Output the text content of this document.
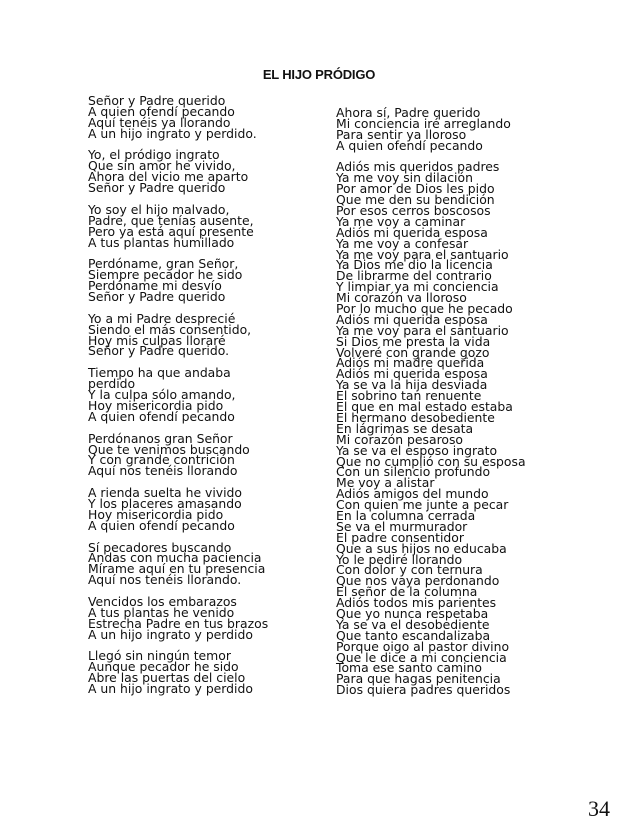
EL HIJO PRÓDIGO
Señor y Padre querido
A quien ofendí pecando
Aquí tenéis ya llorando
A un hijo ingrato y perdido.
Yo, el pródigo ingrato
Que sin amor he vivido,
Ahora del vicio me aparto
Señor y Padre querido
Yo soy el hijo malvado,
Padre, que tenías ausente,
Pero ya está aquí presente
A tus plantas humillado
Perdóname, gran Señor,
Siempre pecador he sido
Perdóname mi desvío
Señor y Padre querido
Yo a mi Padre desprecié
Siendo el más consentido,
Hoy mis culpas lloraré
Señor y Padre querido.
Tiempo ha que andaba
perdido
Y la culpa sólo amando,
Hoy misericordia pido
A quien ofendí pecando
Perdónanos gran Señor
Que te venimos buscando
Y con grande contrición
Aquí nos tenéis llorando
A rienda suelta he vivido
Y los placeres amasando
Hoy misericordia pido
A quien ofendí pecando
Sí pecadores buscando
Andas con mucha paciencia
Mírame aquí en tu presencia
Aquí nos tenéis llorando.
Vencidos los embarazos
A tus plantas he venido
Estrecha Padre en tus brazos
A un hijo ingrato y perdido
Llegó sin ningún temor
Aunque pecador he sido
Abre las puertas del cielo
A un hijo ingrato y perdido
Ahora sí, Padre querido
Mi conciencia iré arreglando
Para sentir ya lloroso
A quien ofendí pecando
Adiós mis queridos padres
Ya me voy sin dilación
Por amor de Dios les pido
Que me den su bendición
Por esos cerros boscosos
Ya me voy a caminar
Adiós mi querida esposa
Ya me voy a confesar
Ya me voy para el santuario
Ya Dios me dio la licencia
De librarme del contrario
Y limpiar ya mi conciencia
Mi corazón va lloroso
Por lo mucho que he pecado
Adiós mi querida esposa
Ya me voy para el santuario
Si Dios me presta la vida
Volveré con grande gozo
Adiós mi madre querida
Adiós mi querida esposa
Ya se va la hija desviada
El sobrino tan renuente
El que en mal estado estaba
El hermano desobediente
En lágrimas se desata
Mi corazón pesaroso
Ya se va el esposo ingrato
Que no cumplió con su esposa
Con un silencio profundo
Me voy a alistar
Adiós amigos del mundo
Con quien me junte a pecar
En la columna cerrada
Se va el murmurador
El padre consentidor
Que a sus hijos no educaba
Yo le pediré llorando
Con dolor y con ternura
Que nos vaya perdonando
El señor de la columna
Adiós todos mis parientes
Que yo nunca respetaba
Ya se va el desobediente
Que tanto escandalizaba
Porque oigo al pastor divino
Que le dice a mi conciencia
Toma ese santo camino
Para que hagas penitencia
Dios quiera padres queridos
34
